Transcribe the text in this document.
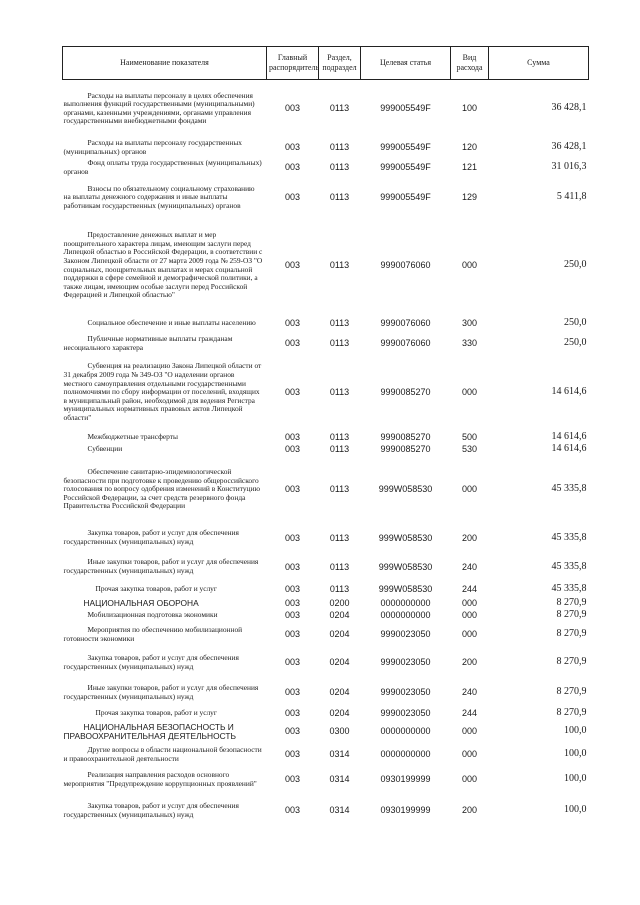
Наименование показателя	Главный распорядитель	Раздел, подраздел	Целевая статья	Вид расхода	Сумма

Расходы на выплаты персоналу в целях обеспечения выполнения функций государственными (муниципальными) органами, казенными учреждениями, органами управления государственными внебюджетными фондами	003	0113	999005549F	100	36 428,1

Расходы на выплаты персоналу государственных (муниципальных) органов	003	0113	999005549F	120	36 428,1

Фонд оплаты труда государственных (муниципальных) органов	003	0113	999005549F	121	31 016,3

Взносы по обязательному социальному страхованию на выплаты денежного содержания и иные выплаты работникам государственных (муниципальных) органов	003	0113	999005549F	129	5 411,8

Предоставление денежных выплат и мер поощрительного характера лицам, имеющим заслуги перед Липецкой областью в Российской Федерации, в соответствии с Законом Липецкой области от 27 марта 2009 года № 259-ОЗ "О социальных, поощрительных выплатах и мерах социальной поддержки в сфере семейной и демографической политики, а также лицам, имеющим особые заслуги перед Российской Федерацией и Липецкой областью"	003	0113	9990076060	000	250,0

Социальное обеспечение и иные выплаты населению	003	0113	9990076060	300	250,0

Публичные нормативные выплаты гражданам несоциального характера	003	0113	9990076060	330	250,0

Субвенция на реализацию Закона Липецкой области от 31 декабря 2009 года № 349-ОЗ "О наделении органов местного самоуправления отдельными государственными полномочиями по сбору информации от поселений, входящих в муниципальный район, необходимой для ведения Регистра муниципальных нормативных правовых актов Липецкой области"	003	0113	9990085270	000	14 614,6

Межбюджетные трансферты	003	0113	9990085270	500	14 614,6

Субвенции	003	0113	9990085270	530	14 614,6

Обеспечение санитарно-эпидемиологической безопасности при подготовке к проведению общероссийского голосования по вопросу одобрения изменений в Конституцию Российской Федерации, за счет средств резервного фонда Правительства Российской Федерации	003	0113	999W058530	000	45 335,8

Закупка товаров, работ и услуг для обеспечения государственных (муниципальных) нужд	003	0113	999W058530	200	45 335,8

Иные закупки товаров, работ и услуг для обеспечения государственных (муниципальных) нужд	003	0113	999W058530	240	45 335,8

Прочая закупка товаров, работ и услуг	003	0113	999W058530	244	45 335,8

НАЦИОНАЛЬНАЯ ОБОРОНА	003	0200	0000000000	000	8 270,9

Мобилизационная подготовка экономики	003	0204	0000000000	000	8 270,9

Мероприятия по обеспечению мобилизационной готовности экономики	003	0204	9990023050	000	8 270,9

Закупка товаров, работ и услуг для обеспечения государственных (муниципальных) нужд	003	0204	9990023050	200	8 270,9

Иные закупки товаров, работ и услуг для обеспечения государственных (муниципальных) нужд	003	0204	9990023050	240	8 270,9

Прочая закупка товаров, работ и услуг	003	0204	9990023050	244	8 270,9

НАЦИОНАЛЬНАЯ БЕЗОПАСНОСТЬ И ПРАВООХРАНИТЕЛЬНАЯ ДЕЯТЕЛЬНОСТЬ	003	0300	0000000000	000	100,0

Другие вопросы в области национальной безопасности и правоохранительной деятельности	003	0314	0000000000	000	100,0

Реализация направления расходов основного мероприятия "Предупреждение коррупционных проявлений"	003	0314	0930199999	000	100,0

Закупка товаров, работ и услуг для обеспечения государственных (муниципальных) нужд	003	0314	0930199999	200	100,0
